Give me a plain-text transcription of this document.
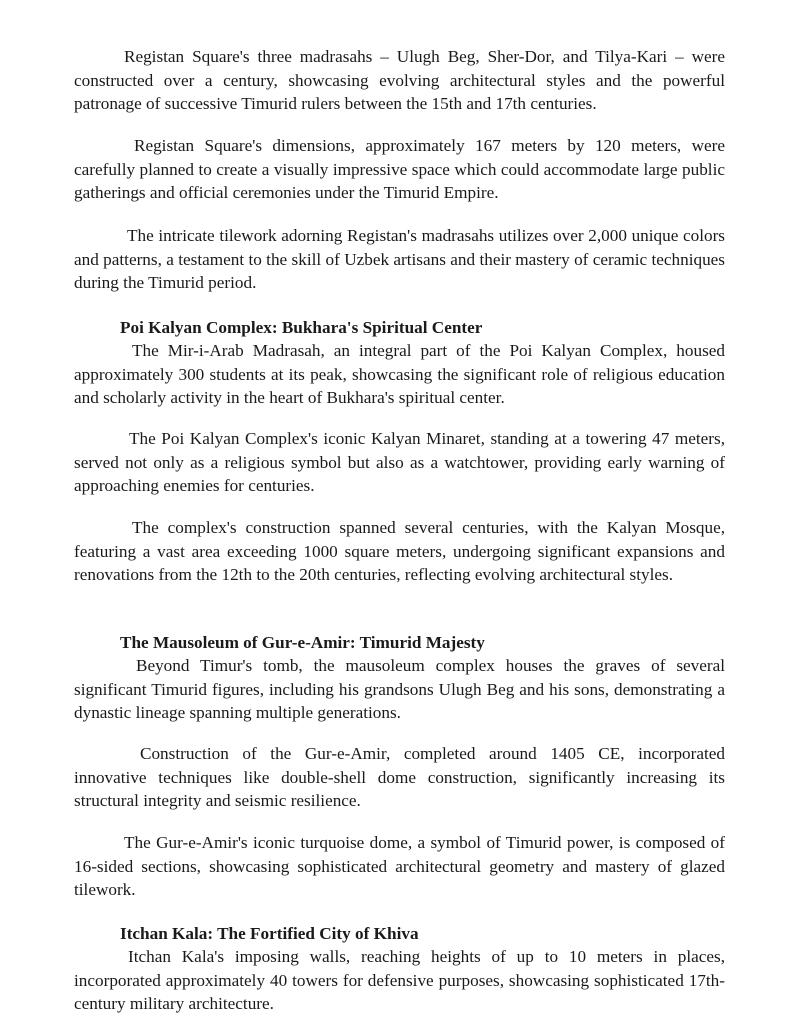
Registan Square's three madrasahs – Ulugh Beg, Sher-Dor, and Tilya-Kari – were constructed over a century, showcasing evolving architectural styles and the powerful patronage of successive Timurid rulers between the 15th and 17th centuries.

Registan Square's dimensions, approximately 167 meters by 120 meters, were carefully planned to create a visually impressive space which could accommodate large public gatherings and official ceremonies under the Timurid Empire.

The intricate tilework adorning Registan's madrasahs utilizes over 2,000 unique colors and patterns, a testament to the skill of Uzbek artisans and their mastery of ceramic techniques during the Timurid period.

Poi Kalyan Complex: Bukhara's Spiritual Center

The Mir-i-Arab Madrasah, an integral part of the Poi Kalyan Complex, housed approximately 300 students at its peak, showcasing the significant role of religious education and scholarly activity in the heart of Bukhara's spiritual center.

The Poi Kalyan Complex's iconic Kalyan Minaret, standing at a towering 47 meters, served not only as a religious symbol but also as a watchtower, providing early warning of approaching enemies for centuries.

The complex's construction spanned several centuries, with the Kalyan Mosque, featuring a vast area exceeding 1000 square meters, undergoing significant expansions and renovations from the 12th to the 20th centuries, reflecting evolving architectural styles.

The Mausoleum of Gur-e-Amir: Timurid Majesty

Beyond Timur's tomb, the mausoleum complex houses the graves of several significant Timurid figures, including his grandsons Ulugh Beg and his sons, demonstrating a dynastic lineage spanning multiple generations.

Construction of the Gur-e-Amir, completed around 1405 CE, incorporated innovative techniques like double-shell dome construction, significantly increasing its structural integrity and seismic resilience.

The Gur-e-Amir's iconic turquoise dome, a symbol of Timurid power, is composed of 16-sided sections, showcasing sophisticated architectural geometry and mastery of glazed tilework.

Itchan Kala: The Fortified City of Khiva

Itchan Kala's imposing walls, reaching heights of up to 10 meters in places, incorporated approximately 40 towers for defensive purposes, showcasing sophisticated 17th-century military architecture.
